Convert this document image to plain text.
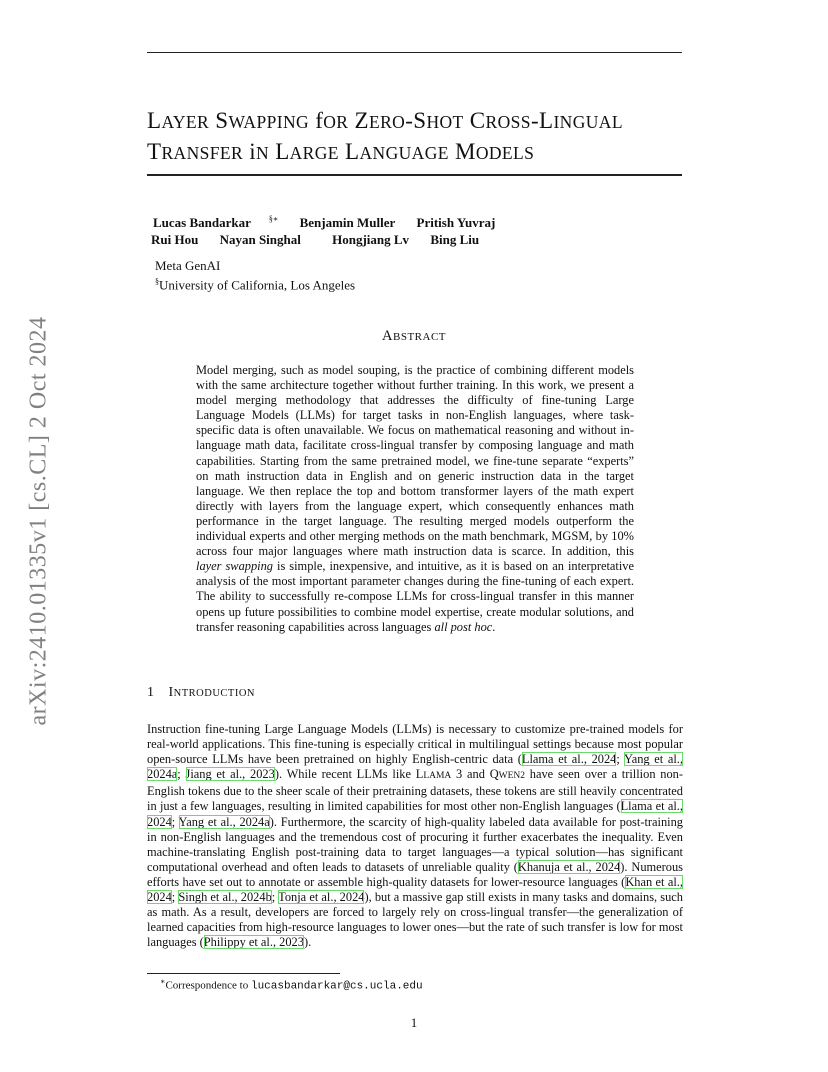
arXiv:2410.01335v1 [cs.CL] 2 Oct 2024
LAYER SWAPPING fOR ZERO-SHOT CROSS-LINGUAL
TRANSFER iN LARGE LANGUAGE MODELS
Lucas Bandarkar §∗ Benjamin Muller Pritish Yuvraj
Rui Hou Nayan Singhal Hongjiang Lv Bing Liu
Meta GenAI
§University of California, Los Angeles
ABSTRACT
Model merging, such as model souping, is the practice of combining different models with the same architecture together without further training. In this work, we present a model merging methodology that addresses the difficulty of fine-tuning Large Language Models (LLMs) for target tasks in non-English languages, where task-specific data is often unavailable. We focus on mathematical reasoning and without in-language math data, facilitate cross-lingual transfer by composing language and math capabilities. Starting from the same pretrained model, we fine-tune separate “experts” on math instruction data in English and on generic instruction data in the target language. We then replace the top and bottom transformer layers of the math expert directly with layers from the language expert, which consequently enhances math performance in the target language. The resulting merged models outperform the individual experts and other merging methods on the math benchmark, MGSM, by 10% across four major languages where math instruction data is scarce. In addition, this layer swapping is simple, inexpensive, and intuitive, as it is based on an interpretative analysis of the most important parameter changes during the fine-tuning of each expert. The ability to successfully re-compose LLMs for cross-lingual transfer in this manner opens up future possibilities to combine model expertise, create modular solutions, and transfer reasoning capabilities across languages all post hoc.
1 INTRODUCTION
Instruction fine-tuning Large Language Models (LLMs) is necessary to customize pre-trained models for real-world applications. This fine-tuning is especially critical in multilingual settings because most popular open-source LLMs have been pretrained on highly English-centric data (Llama et al., 2024; Yang et al., 2024a; Jiang et al., 2023). While recent LLMs like LLAMA 3 and QWEN2 have seen over a trillion non-English tokens due to the sheer scale of their pretraining datasets, these tokens are still heavily concentrated in just a few languages, resulting in limited capabilities for most other non-English languages (Llama et al., 2024; Yang et al., 2024a). Furthermore, the scarcity of high-quality labeled data available for post-training in non-English languages and the tremendous cost of procuring it further exacerbates the inequality. Even machine-translating English post-training data to target languages—a typical solution—has significant computational overhead and often leads to datasets of unreliable quality (Khanuja et al., 2024). Numerous efforts have set out to annotate or assemble high-quality datasets for lower-resource languages (Khan et al., 2024; Singh et al., 2024b; Tonja et al., 2024), but a massive gap still exists in many tasks and domains, such as math. As a result, developers are forced to largely rely on cross-lingual transfer—the generalization of learned capacities from high-resource languages to lower ones—but the rate of such transfer is low for most languages (Philippy et al., 2023).
∗Correspondence to lucasbandarkar@cs.ucla.edu
1
